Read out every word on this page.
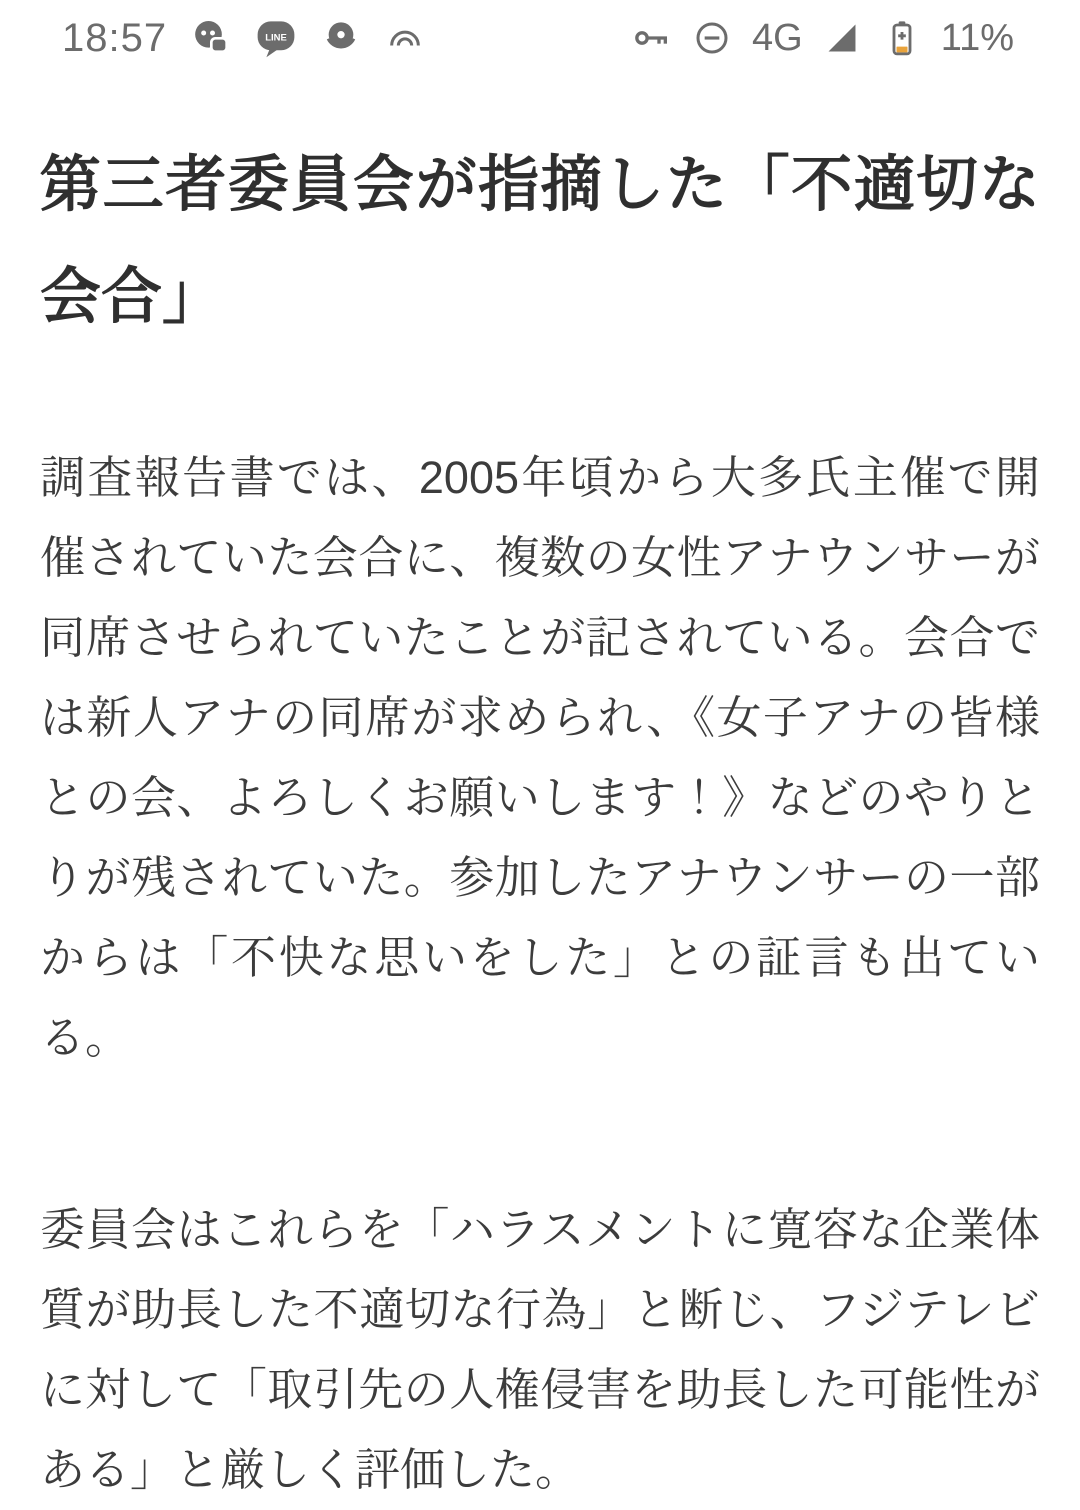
18:57	LINE	4G	11%
第三者委員会が指摘した「不適切な会合」

調査報告書では、2005年頃から大多氏主催で開催されていた会合に、複数の女性アナウンサーが同席させられていたことが記されている。会合では新人アナの同席が求められ、《女子アナの皆様との会、よろしくお願いします！》などのやりとりが残されていた。参加したアナウンサーの一部からは「不快な思いをした」との証言も出ている。

委員会はこれらを「ハラスメントに寛容な企業体質が助長した不適切な行為」と断じ、フジテレビに対して「取引先の人権侵害を助長した可能性がある」と厳しく評価した。
